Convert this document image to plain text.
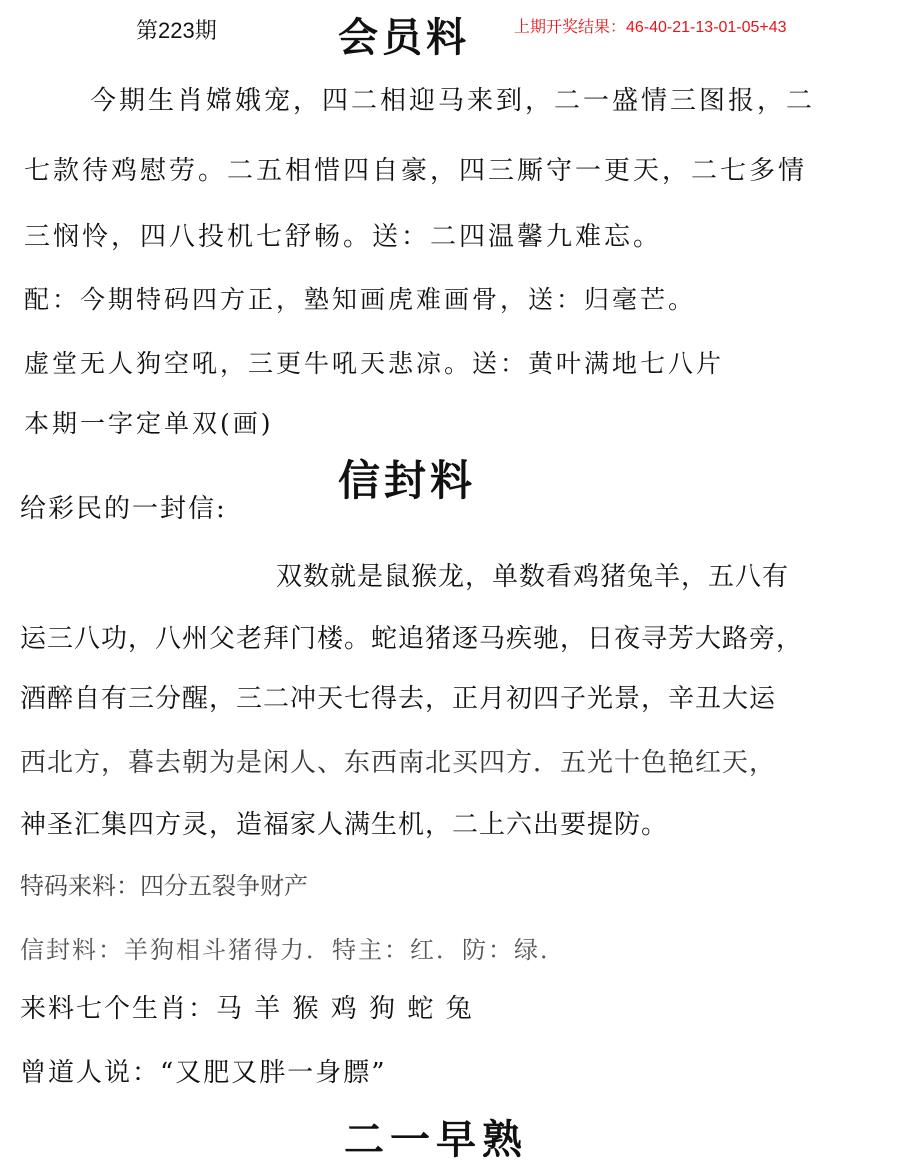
第223期	会员料	上期开奖结果：46-40-21-13-01-05+43
今期生肖嫦娥宠，四二相迎马来到，二一盛情三图报，二
七款待鸡慰劳。二五相惜四自豪，四三厮守一更天，二七多情
三悯怜，四八投机七舒畅。送：二四温馨九难忘。
配：今期特码四方正，塾知画虎难画骨，送：归毫芒。
虚堂无人狗空吼，三更牛吼天悲凉。送：黄叶满地七八片
本期一字定单双(画)
信封料
给彩民的一封信:
双数就是鼠猴龙，单数看鸡猪兔羊，五八有
运三八功，八州父老拜门楼。蛇追猪逐马疾驰，日夜寻芳大路旁，
酒醉自有三分醒，三二冲天七得去，正月初四子光景，辛丑大运
西北方，暮去朝为是闲人、东西南北买四方．五光十色艳红天，
神圣汇集四方灵，造福家人满生机，二上六出要提防。
特码来料：四分五裂争财产
信封料：羊狗相斗猪得力．特主：红．防：绿．
来料七个生肖：马 羊 猴 鸡 狗 蛇 兔
曾道人说：“又肥又胖一身膘”
二一早熟
